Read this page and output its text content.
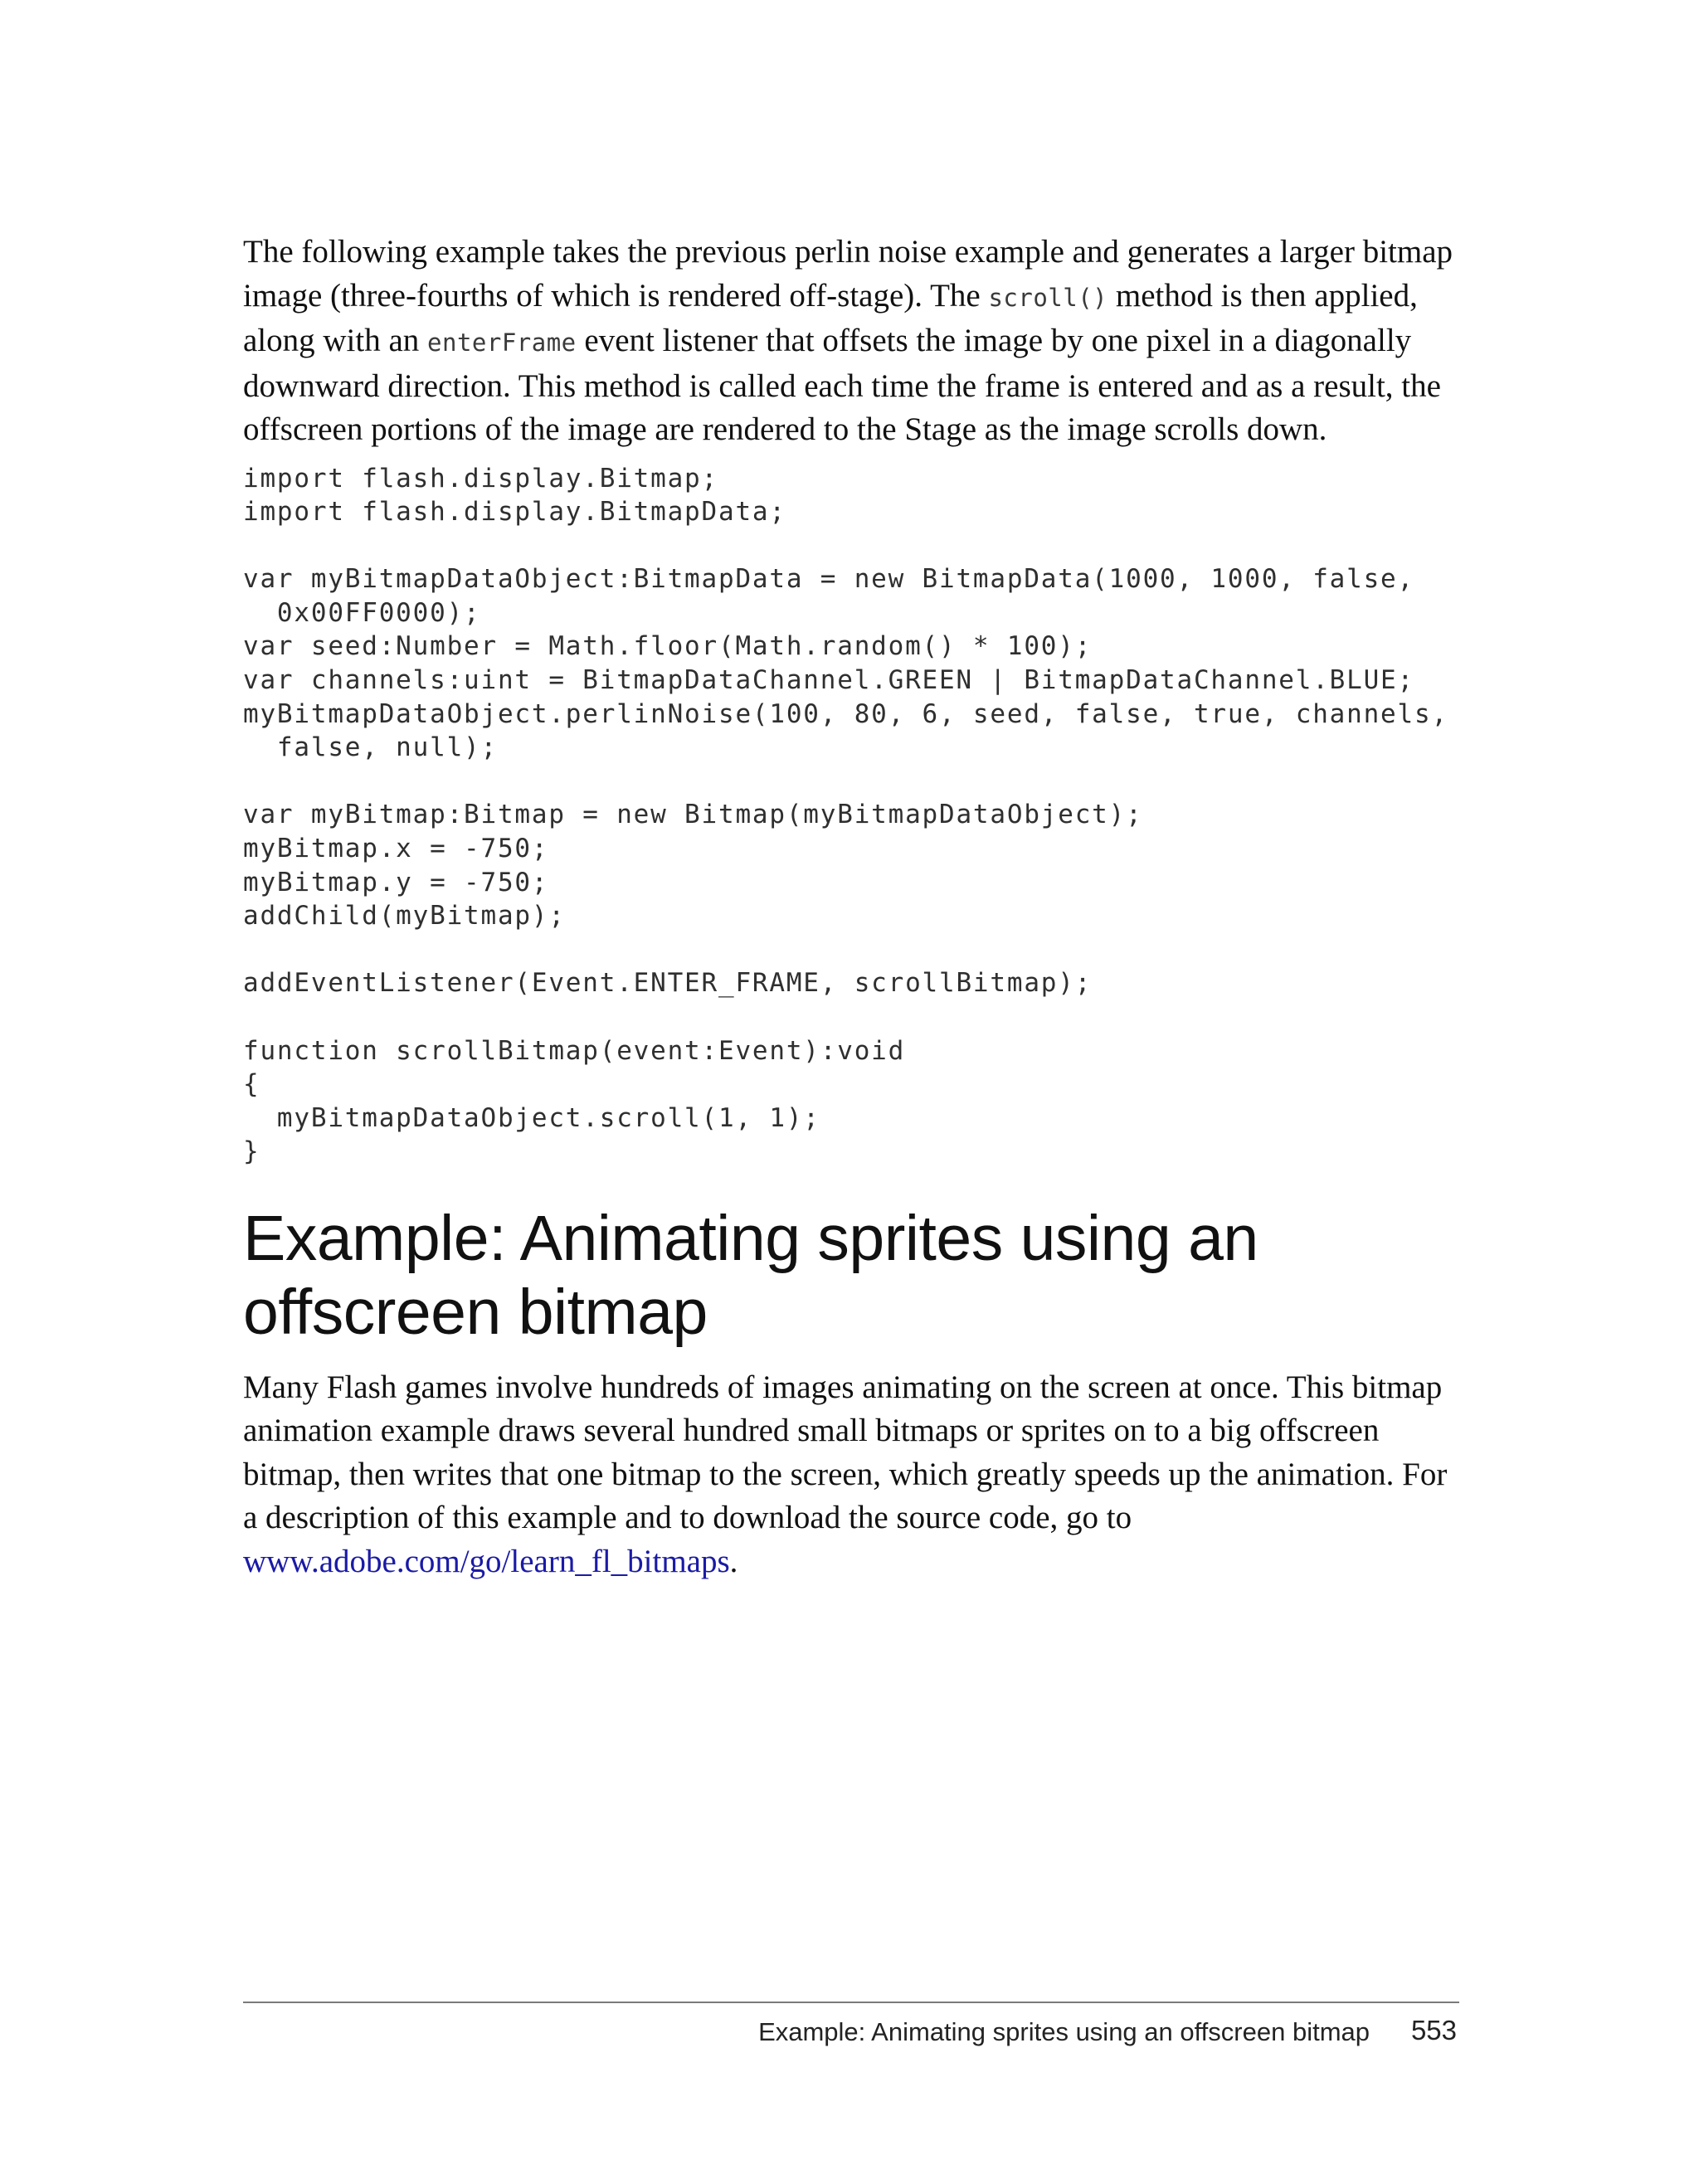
The following example takes the previous perlin noise example and generates a larger bitmap image (three-fourths of which is rendered off-stage). The scroll() method is then applied, along with an enterFrame event listener that offsets the image by one pixel in a diagonally downward direction. This method is called each time the frame is entered and as a result, the offscreen portions of the image are rendered to the Stage as the image scrolls down.

import flash.display.Bitmap;
import flash.display.BitmapData;
var myBitmapDataObject:BitmapData = new BitmapData(1000, 1000, false,
0x00FF0000);
var seed:Number = Math.floor(Math.random() * 100);
var channels:uint = BitmapDataChannel.GREEN | BitmapDataChannel.BLUE;
myBitmapDataObject.perlinNoise(100, 80, 6, seed, false, true, channels,
false, null);
var myBitmap:Bitmap = new Bitmap(myBitmapDataObject);
myBitmap.x = -750;
myBitmap.y = -750;
addChild(myBitmap);
addEventListener(Event.ENTER_FRAME, scrollBitmap);
function scrollBitmap(event:Event):void
{
myBitmapDataObject.scroll(1, 1);
}
Example: Animating sprites using an offscreen bitmap

Many Flash games involve hundreds of images animating on the screen at once. This bitmap animation example draws several hundred small bitmaps or sprites on to a big offscreen bitmap, then writes that one bitmap to the screen, which greatly speeds up the animation. For a description of this example and to download the source code, go to www.adobe.com/go/learn_fl_bitmaps.

Example: Animating sprites using an offscreen bitmap 553
